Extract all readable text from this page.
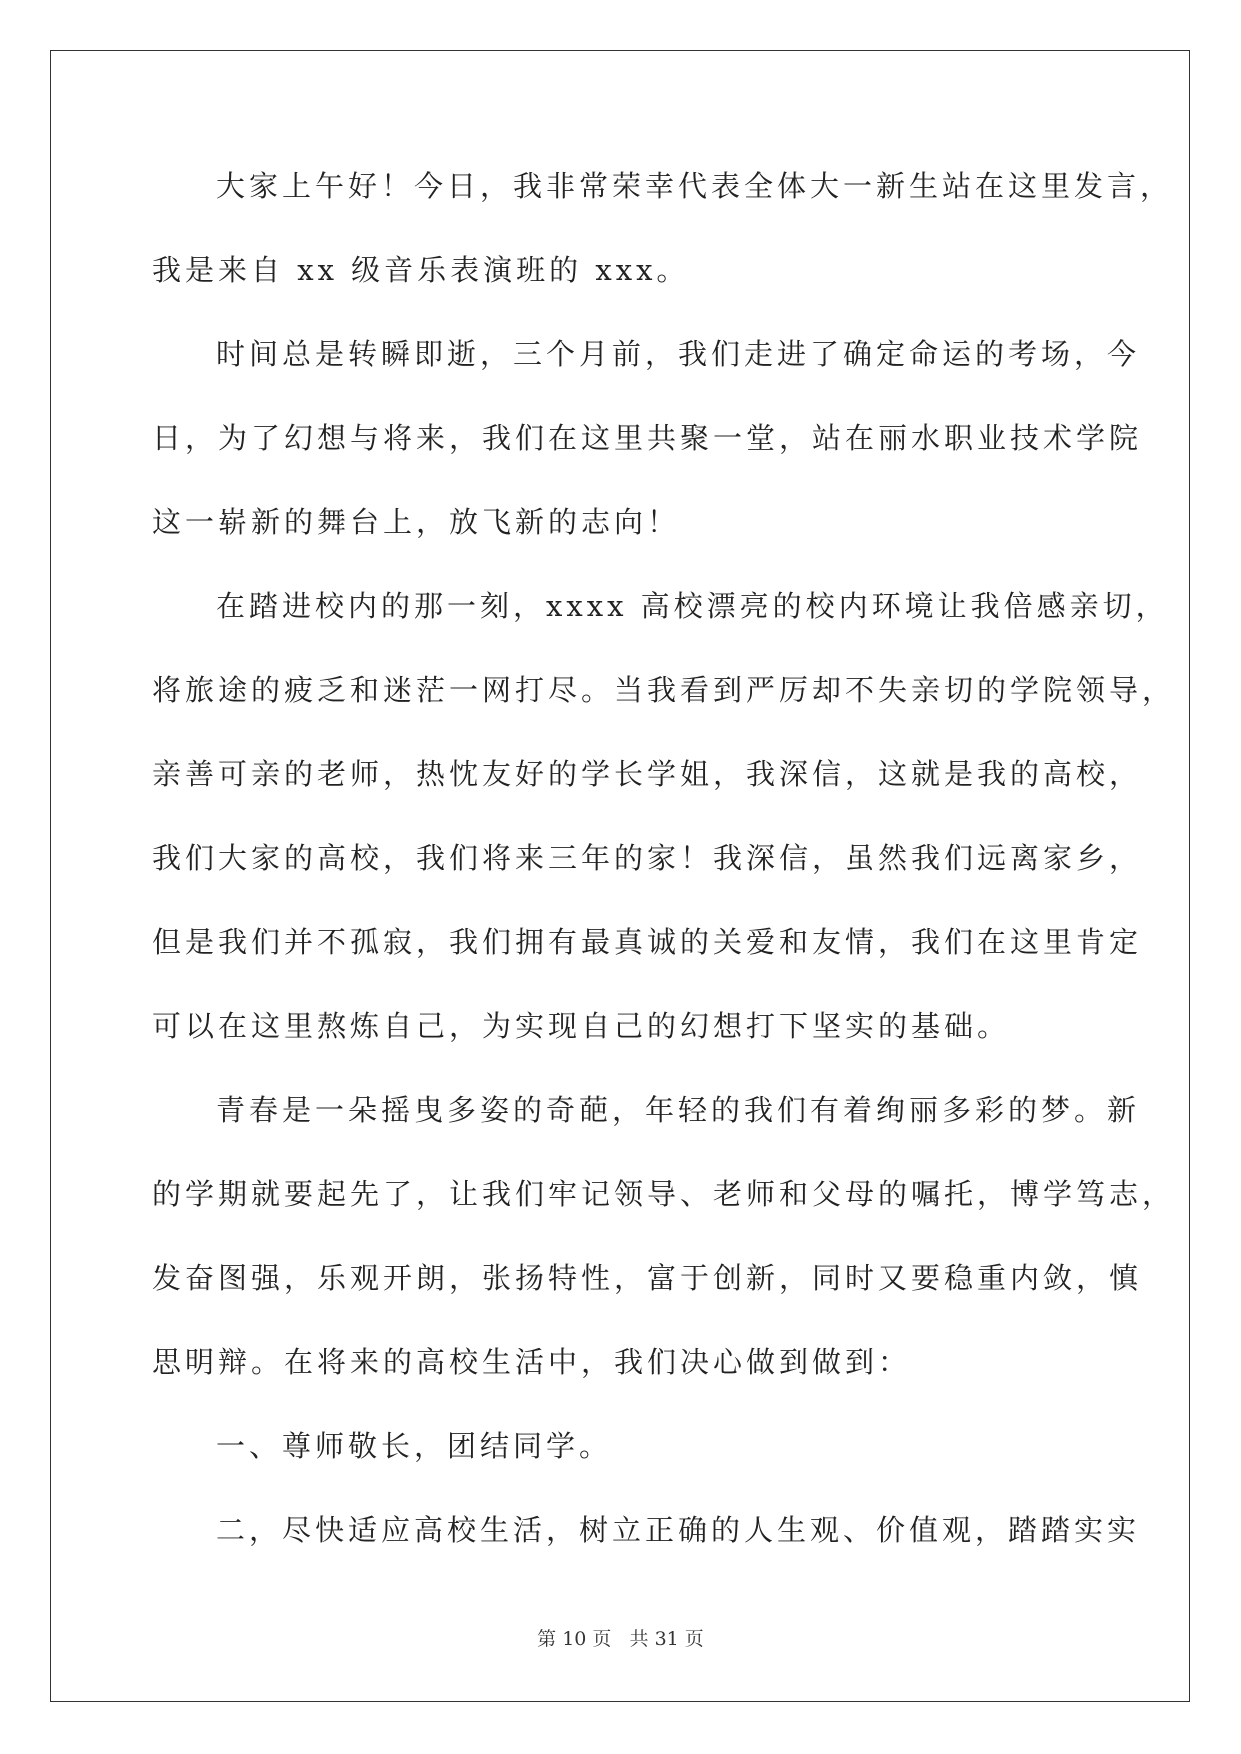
大家上午好！今日，我非常荣幸代表全体大一新生站在这里发言，
我是来自 xx 级音乐表演班的 xxx。
时间总是转瞬即逝，三个月前，我们走进了确定命运的考场，今
日，为了幻想与将来，我们在这里共聚一堂，站在丽水职业技术学院
这一崭新的舞台上，放飞新的志向！
在踏进校内的那一刻，xxxx 高校漂亮的校内环境让我倍感亲切，
将旅途的疲乏和迷茫一网打尽。当我看到严厉却不失亲切的学院领导，
亲善可亲的老师，热忱友好的学长学姐，我深信，这就是我的高校，
我们大家的高校，我们将来三年的家！我深信，虽然我们远离家乡，
但是我们并不孤寂，我们拥有最真诚的关爱和友情，我们在这里肯定
可以在这里熬炼自己，为实现自己的幻想打下坚实的基础。
青春是一朵摇曳多姿的奇葩，年轻的我们有着绚丽多彩的梦。新
的学期就要起先了，让我们牢记领导、老师和父母的嘱托，博学笃志，
发奋图强，乐观开朗，张扬特性，富于创新，同时又要稳重内敛，慎
思明辩。在将来的高校生活中，我们决心做到做到：
一、尊师敬长，团结同学。
二，尽快适应高校生活，树立正确的人生观、价值观，踏踏实实
第 10 页   共 31 页
